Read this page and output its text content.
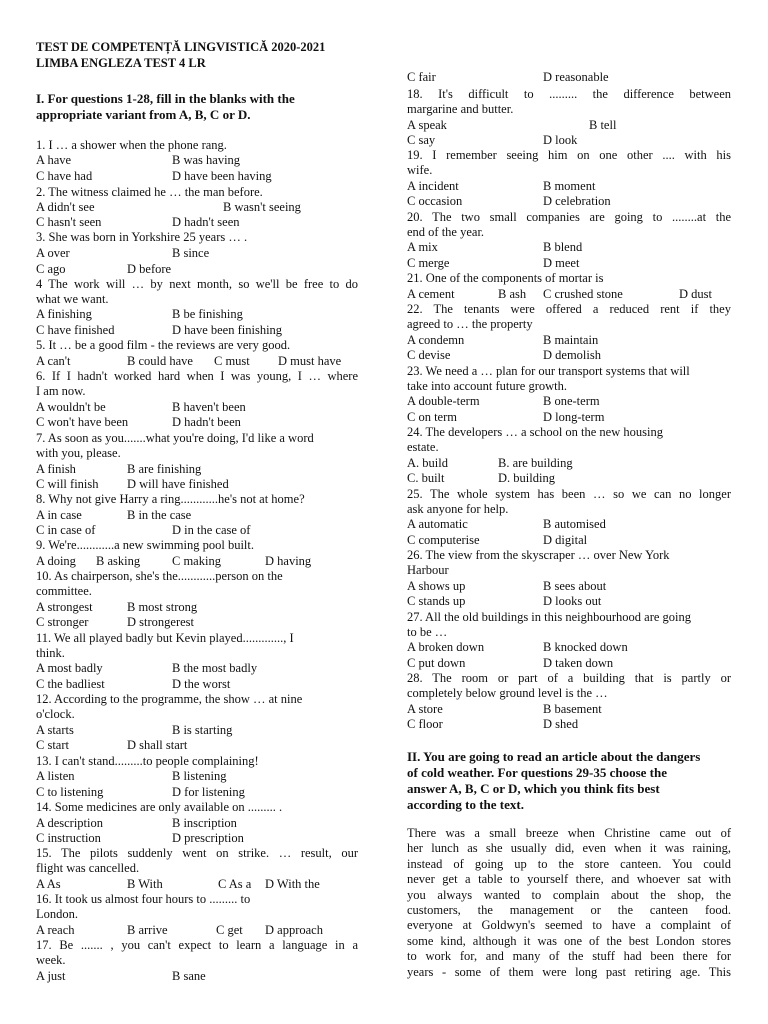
TEST DE COMPETENȚĂ LINGVISTICĂ 2020-2021
LIMBA ENGLEZA TEST 4 LR
I. For questions 1-28, fill in the blanks with the
appropriate variant from A, B, C or D.
1. I … a shower when the phone rang.
A have	B was having
C have had	D have been having
2. The witness claimed he … the man before.
A didn't see	B wasn't seeing
C hasn't seen	D hadn't seen
3. She was born in Yorkshire 25 years … .
A over	B since
C ago	D before
4 The work will … by next month, so we'll be free to do
what we want.
A finishing	B be finishing
C have finished	D have been finishing
5. It … be a good film - the reviews are very good.
A can't	B could have C must D must have
6. If I hadn't worked hard when I was young, I … where
I am now.
A wouldn't be	B haven't been
C won't have been	D hadn't been
7. As soon as you.......what you're doing, I'd like a word
with you, please.
A finish	B are finishing
C will finish D will have finished
8. Why not give Harry a ring............he's not at home?
A in case	B in the case
C in case of	D in the case of
9. We're............a new swimming pool built.
A doing B asking	C making	D having
10. As chairperson, she's the............person on the
committee.
A strongest	B most strong
C stronger	D strongerest
11. We all played badly but Kevin played............., I
think.
A most badly	B the most badly
C the badliest	D the worst
12. According to the programme, the show … at nine
o'clock.
A starts	B is starting
C start	D shall start
13. I can't stand.........to people complaining!
A listen	B listening
C to listening	D for listening
14. Some medicines are only available on ......... .
A description	B inscription
C instruction	D prescription
15. The pilots suddenly went on strike. … result, our
flight was cancelled.
A As	B With	C As a D With the
16. It took us almost four hours to ......... to
London.
A reach	B arrive	C get D approach
17. Be ....... , you can't expect to learn a language in a
week.
A just	B sane
C fair	D reasonable
18. It's difficult to ......... the difference between
margarine and butter.
A speak	B tell
C say	D look
19. I remember seeing him on one other .... with his
wife.
A incident	B moment
C occasion	D celebration
20. The two small companies are going to ........at the
end of the year.
A mix	B blend
C merge	D meet
21. One of the components of mortar is
A cement	B ash C crushed stone	D dust
22. The tenants were offered a reduced rent if they
agreed to … the property
A condemn	B maintain
C devise	D demolish
23. We need a … plan for our transport systems that will
take into account future growth.
A double-term	B one-term
C on term	D long-term
24. The developers … a school on the new housing
estate.
A. build	B. are building
C. built	D. building
25. The whole system has been … so we can no longer
ask anyone for help.
A automatic	B automised
C computerise	D digital
26. The view from the skyscraper … over New York
Harbour
A shows up	B sees about
C stands up	D looks out
27. All the old buildings in this neighbourhood are going
to be …
A broken down	B knocked down
C put down	D taken down
28. The room or part of a building that is partly or
completely below ground level is the …
A store	B basement
C floor	D shed
II. You are going to read an article about the dangers
of cold weather. For questions 29-35 choose the
answer A, B, C or D, which you think fits best
according to the text.
There was a small breeze when Christine came out of
her lunch as she usually did, even when it was raining,
instead of going up to the store canteen. You could
never get a table to yourself there, and whoever sat with
you always wanted to complain about the shop, the
customers, the management or the canteen food.
everyone at Goldwyn's seemed to have a complaint of
some kind, although it was one of the best London stores
to work for, and many of the stuff had been there for
years - some of them were long past retiring age. This
